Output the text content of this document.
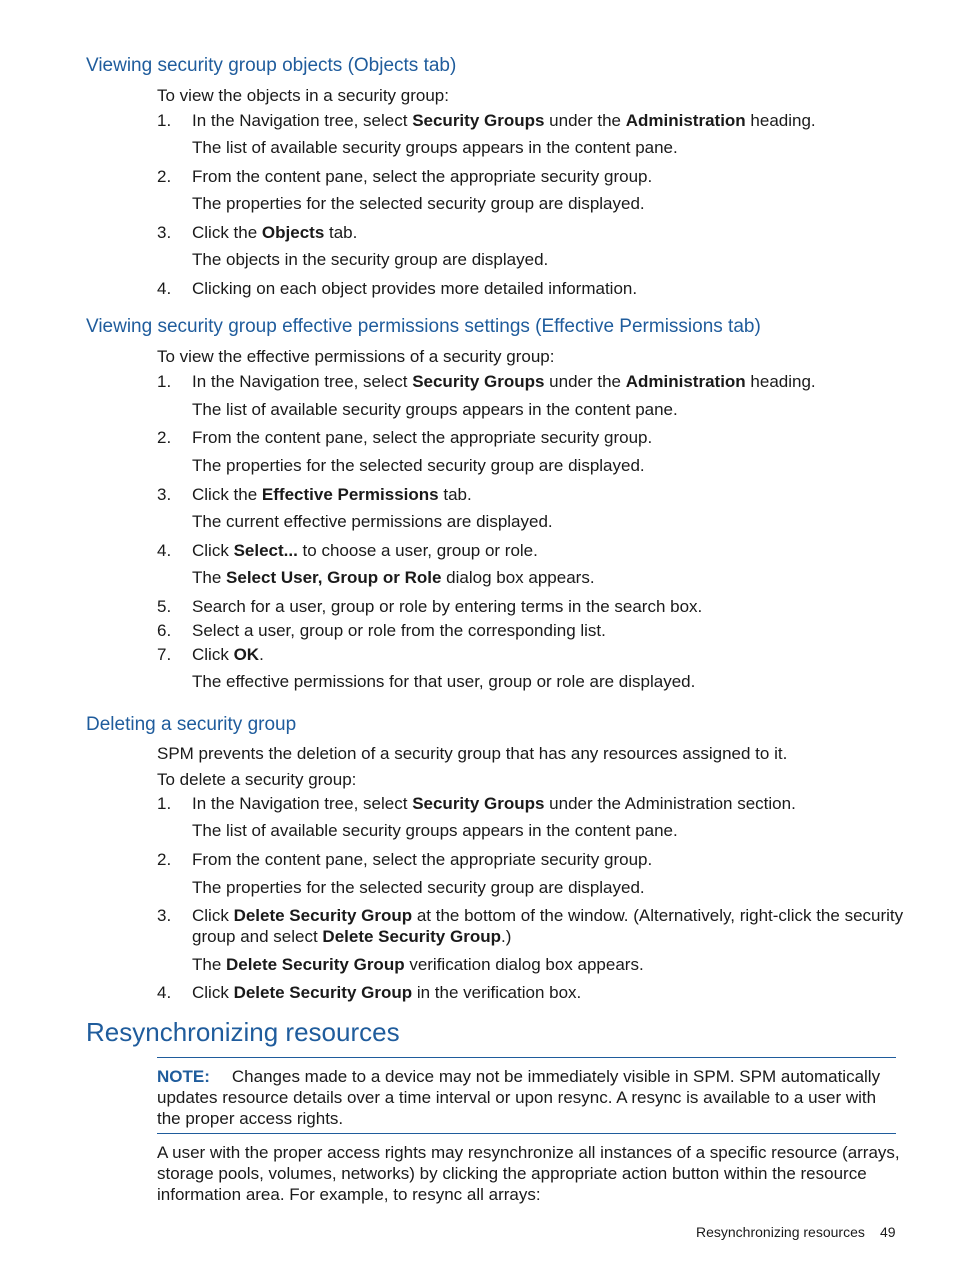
Viewing security group objects (Objects tab)
To view the objects in a security group:
1. In the Navigation tree, select Security Groups under the Administration heading.
The list of available security groups appears in the content pane.
2. From the content pane, select the appropriate security group.
The properties for the selected security group are displayed.
3. Click the Objects tab.
The objects in the security group are displayed.
4. Clicking on each object provides more detailed information.
Viewing security group effective permissions settings (Effective Permissions tab)
To view the effective permissions of a security group:
1. In the Navigation tree, select Security Groups under the Administration heading.
The list of available security groups appears in the content pane.
2. From the content pane, select the appropriate security group.
The properties for the selected security group are displayed.
3. Click the Effective Permissions tab.
The current effective permissions are displayed.
4. Click Select... to choose a user, group or role.
The Select User, Group or Role dialog box appears.
5. Search for a user, group or role by entering terms in the search box.
6. Select a user, group or role from the corresponding list.
7. Click OK.
The effective permissions for that user, group or role are displayed.
Deleting a security group
SPM prevents the deletion of a security group that has any resources assigned to it.
To delete a security group:
1. In the Navigation tree, select Security Groups under the Administration section.
The list of available security groups appears in the content pane.
2. From the content pane, select the appropriate security group.
The properties for the selected security group are displayed.
3. Click Delete Security Group at the bottom of the window. (Alternatively, right-click the security
group and select Delete Security Group.)
The Delete Security Group verification dialog box appears.
4. Click Delete Security Group in the verification box.
Resynchronizing resources
NOTE: Changes made to a device may not be immediately visible in SPM. SPM automatically
updates resource details over a time interval or upon resync. A resync is available to a user with
the proper access rights.
A user with the proper access rights may resynchronize all instances of a specific resource (arrays,
storage pools, volumes, networks) by clicking the appropriate action button within the resource
information area. For example, to resync all arrays:
Resynchronizing resources 49
